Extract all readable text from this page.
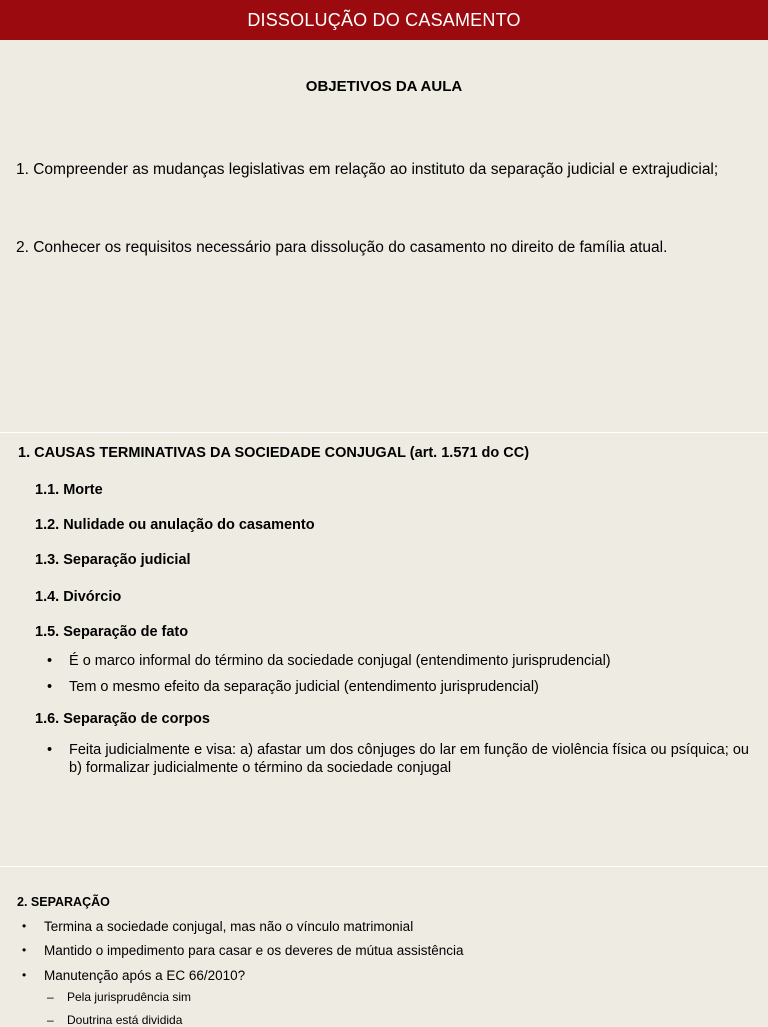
DISSOLUÇÃO DO CASAMENTO
OBJETIVOS DA AULA
1. Compreender as mudanças legislativas em relação ao instituto da separação judicial e extrajudicial;
2. Conhecer os requisitos necessário para dissolução do casamento no direito de família atual.
1. CAUSAS TERMINATIVAS DA SOCIEDADE CONJUGAL (art. 1.571 do CC)
1.1. Morte
1.2. Nulidade ou anulação do casamento
1.3. Separação judicial
1.4. Divórcio
1.5. Separação de fato
• É o marco informal do término da sociedade conjugal (entendimento jurisprudencial)
• Tem o mesmo efeito da separação judicial (entendimento jurisprudencial)
1.6. Separação de corpos
• Feita judicialmente e visa: a) afastar um dos cônjuges do lar em função de violência física ou psíquica; ou b) formalizar judicialmente o término da sociedade conjugal
2. SEPARAÇÃO
• Termina a sociedade conjugal, mas não o vínculo matrimonial
• Mantido o impedimento para casar e os deveres de mútua assistência
• Manutenção após a EC 66/2010?
– Pela jurisprudência sim
– Doutrina está dividida
